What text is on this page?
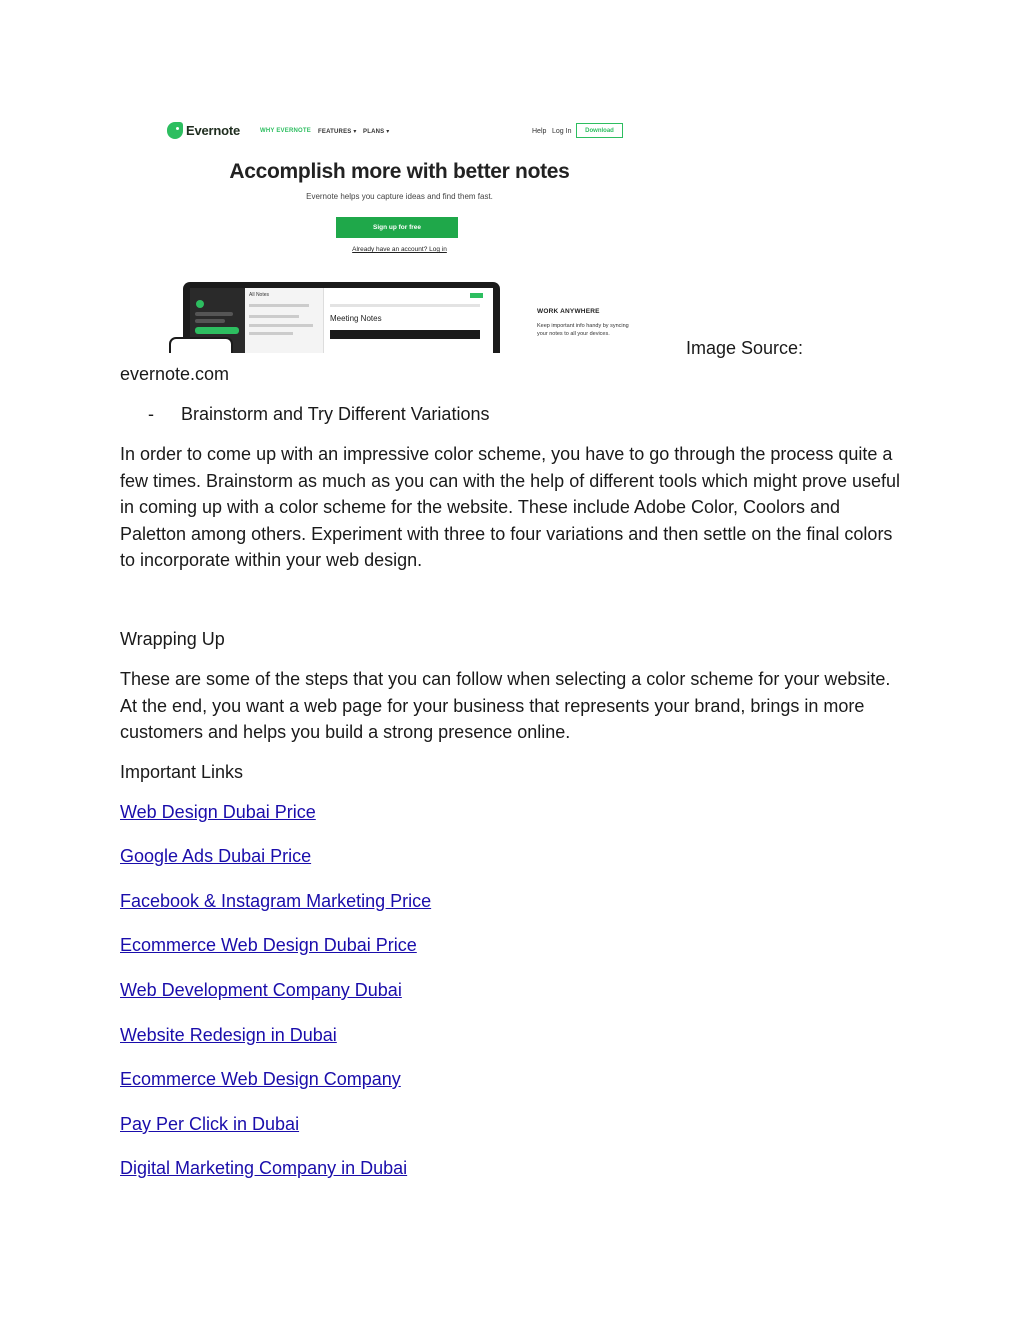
Evernote	WHY EVERNOTE FEATURES ▾ PLANS ▾	Help Log In	Download
Accomplish more with better notes
Evernote helps you capture ideas and find them fast.
Sign up for free
Already have an account? Log in
All Notes
Meeting Notes
WORK ANYWHERE
Keep important info handy by syncing your notes to all your devices.

Image Source:

evernote.com

- Brainstorm and Try Different Variations

In order to come up with an impressive color scheme, you have to go through the process quite a few times. Brainstorm as much as you can with the help of different tools which might prove useful in coming up with a color scheme for the website. These include Adobe Color, Coolors and Paletton among others. Experiment with three to four variations and then settle on the final colors to incorporate within your web design.

Wrapping Up

These are some of the steps that you can follow when selecting a color scheme for your website. At the end, you want a web page for your business that represents your brand, brings in more customers and helps you build a strong presence online.

Important Links

Web Design Dubai Price
Google Ads Dubai Price
Facebook & Instagram Marketing Price
Ecommerce Web Design Dubai Price
Web Development Company Dubai
Website Redesign in Dubai
Ecommerce Web Design Company
Pay Per Click in Dubai
Digital Marketing Company in Dubai
